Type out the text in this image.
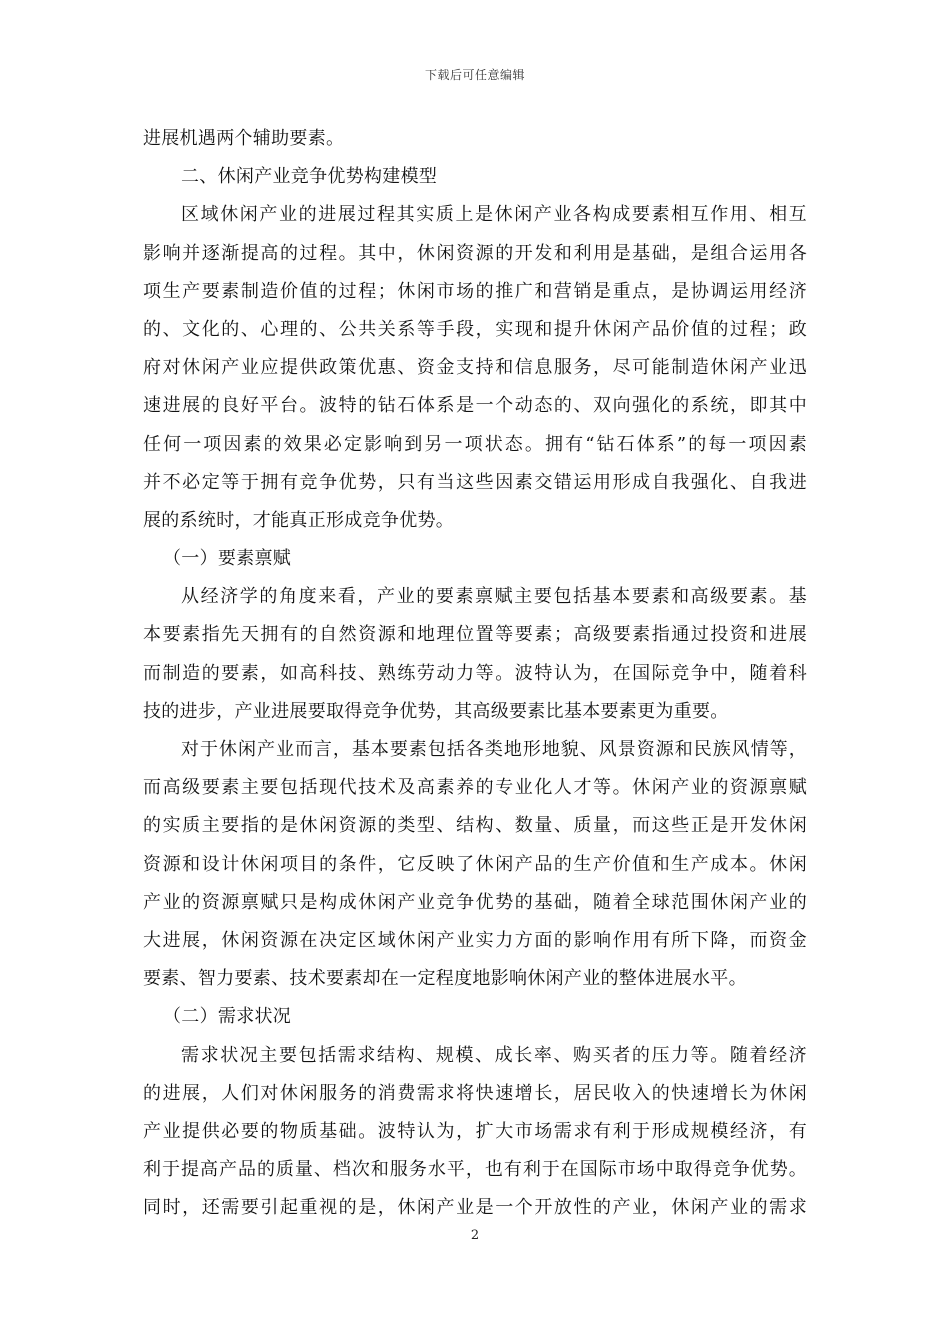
下载后可任意编辑
进展机遇两个辅助要素。
二、休闲产业竞争优势构建模型
区域休闲产业的进展过程其实质上是休闲产业各构成要素相互作用、相互
影响并逐渐提高的过程。其中，休闲资源的开发和利用是基础，是组合运用各
项生产要素制造价值的过程；休闲市场的推广和营销是重点，是协调运用经济
的、文化的、心理的、公共关系等手段，实现和提升休闲产品价值的过程；政
府对休闲产业应提供政策优惠、资金支持和信息服务，尽可能制造休闲产业迅
速进展的良好平台。波特的钻石体系是一个动态的、双向强化的系统，即其中
任何一项因素的效果必定影响到另一项状态。拥有“钻石体系”的每一项因素
并不必定等于拥有竞争优势，只有当这些因素交错运用形成自我强化、自我进
展的系统时，才能真正形成竞争优势。
（一）要素禀赋
从经济学的角度来看，产业的要素禀赋主要包括基本要素和高级要素。基
本要素指先天拥有的自然资源和地理位置等要素；高级要素指通过投资和进展
而制造的要素，如高科技、熟练劳动力等。波特认为，在国际竞争中，随着科
技的进步，产业进展要取得竞争优势，其高级要素比基本要素更为重要。
对于休闲产业而言，基本要素包括各类地形地貌、风景资源和民族风情等，
而高级要素主要包括现代技术及高素养的专业化人才等。休闲产业的资源禀赋
的实质主要指的是休闲资源的类型、结构、数量、质量，而这些正是开发休闲
资源和设计休闲项目的条件，它反映了休闲产品的生产价值和生产成本。休闲
产业的资源禀赋只是构成休闲产业竞争优势的基础，随着全球范围休闲产业的
大进展，休闲资源在决定区域休闲产业实力方面的影响作用有所下降，而资金
要素、智力要素、技术要素却在一定程度地影响休闲产业的整体进展水平。
（二）需求状况
需求状况主要包括需求结构、规模、成长率、购买者的压力等。随着经济
的进展，人们对休闲服务的消费需求将快速增长，居民收入的快速增长为休闲
产业提供必要的物质基础。波特认为，扩大市场需求有利于形成规模经济，有
利于提高产品的质量、档次和服务水平，也有利于在国际市场中取得竞争优势。
同时，还需要引起重视的是，休闲产业是一个开放性的产业，休闲产业的需求
2
